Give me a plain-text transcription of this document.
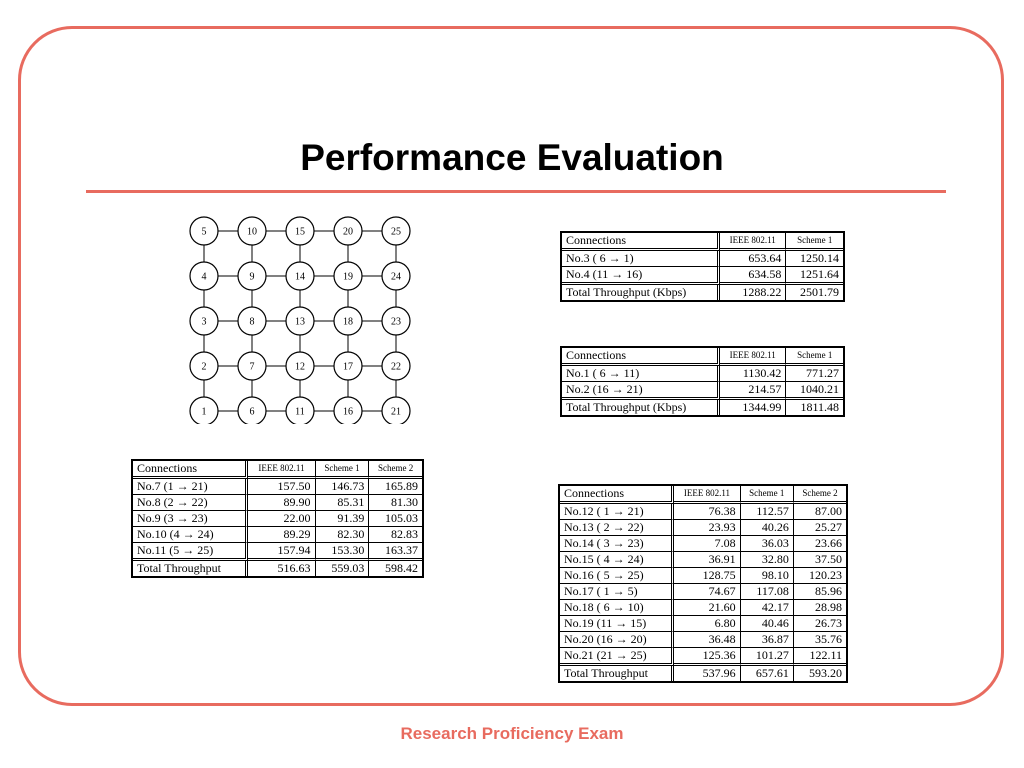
Performance Evaluation
5	10	15	20	25
4	9	14	19	24
3	8	13	18	23
2	7	12	17	22
1	6	11	16	21
Connections	IEEE 802.11	Scheme 1
No.3 ( 6 → 1)	653.64	1250.14
No.4 (11 → 16)	634.58	1251.64
Total Throughput (Kbps)	1288.22	2501.79
Connections	IEEE 802.11	Scheme 1
No.1 ( 6 → 11)	1130.42	771.27
No.2 (16 → 21)	214.57	1040.21
Total Throughput (Kbps)	1344.99	1811.48
Connections	IEEE 802.11	Scheme 1	Scheme 2
No.7 (1 → 21)	157.50	146.73	165.89
No.8 (2 → 22)	89.90	85.31	81.30
No.9 (3 → 23)	22.00	91.39	105.03
No.10 (4 → 24)	89.29	82.30	82.83
No.11 (5 → 25)	157.94	153.30	163.37
Total Throughput	516.63	559.03	598.42
Connections	IEEE 802.11	Scheme 1	Scheme 2
No.12 ( 1 → 21)	76.38	112.57	87.00
No.13 ( 2 → 22)	23.93	40.26	25.27
No.14 ( 3 → 23)	7.08	36.03	23.66
No.15 ( 4 → 24)	36.91	32.80	37.50
No.16 ( 5 → 25)	128.75	98.10	120.23
No.17 ( 1 → 5)	74.67	117.08	85.96
No.18 ( 6 → 10)	21.60	42.17	28.98
No.19 (11 → 15)	6.80	40.46	26.73
No.20 (16 → 20)	36.48	36.87	35.76
No.21 (21 → 25)	125.36	101.27	122.11
Total Throughput	537.96	657.61	593.20
Research Proficiency Exam
